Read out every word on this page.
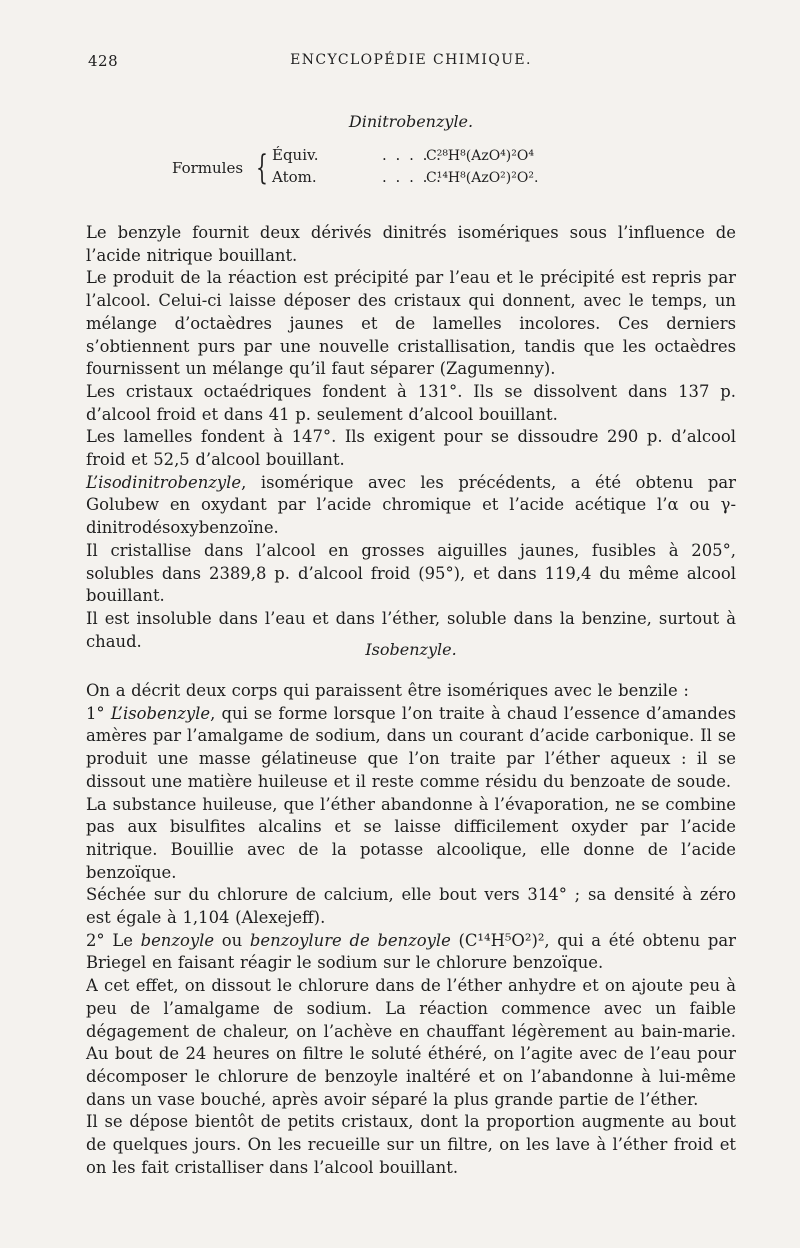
428	ENCYCLOPÉDIE CHIMIQUE.
Dinitrobenzyle.
Formules { Équiv.	. . . . .C²⁸H⁸(AzO⁴)²O⁴
Atom.	. . . . .C¹⁴H⁸(AzO²)²O².

Le benzyle fournit deux dérivés dinitrés isomériques sous l’influence de l’acide nitrique bouillant.

Le produit de la réaction est précipité par l’eau et le précipité est repris par l’alcool. Celui-ci laisse déposer des cristaux qui donnent, avec le temps, un mélange d’octaèdres jaunes et de lamelles incolores. Ces derniers s’obtiennent purs par une nouvelle cristallisation, tandis que les octaèdres fournissent un mélange qu’il faut séparer (Zagumenny).

Les cristaux octaédriques fondent à 131°. Ils se dissolvent dans 137 p. d’alcool froid et dans 41 p. seulement d’alcool bouillant.

Les lamelles fondent à 147°. Ils exigent pour se dissoudre 290 p. d’alcool froid et 52,5 d’alcool bouillant.

L’isodinitrobenzyle, isomérique avec les précédents, a été obtenu par Golubew en oxydant par l’acide chromique et l’acide acétique l’α ou γ-dinitrodésoxybenzoïne.

Il cristallise dans l’alcool en grosses aiguilles jaunes, fusibles à 205°, solubles dans 2389,8 p. d’alcool froid (95°), et dans 119,4 du même alcool bouillant.

Il est insoluble dans l’eau et dans l’éther, soluble dans la benzine, surtout à chaud.	Isobenzyle.

On a décrit deux corps qui paraissent être isomériques avec le benzile :

1° L’isobenzyle, qui se forme lorsque l’on traite à chaud l’essence d’amandes amères par l’amalgame de sodium, dans un courant d’acide carbonique. Il se produit une masse gélatineuse que l’on traite par l’éther aqueux : il se dissout une matière huileuse et il reste comme résidu du benzoate de soude.

La substance huileuse, que l’éther abandonne à l’évaporation, ne se combine pas aux bisulfites alcalins et se laisse difficilement oxyder par l’acide nitrique. Bouillie avec de la potasse alcoolique, elle donne de l’acide benzoïque.

Séchée sur du chlorure de calcium, elle bout vers 314° ; sa densité à zéro est égale à 1,104 (Alexejeff).

2° Le benzoyle ou benzoylure de benzoyle (C¹⁴H⁵O²)², qui a été obtenu par Briegel en faisant réagir le sodium sur le chlorure benzoïque.

A cet effet, on dissout le chlorure dans de l’éther anhydre et on ajoute peu à peu de l’amalgame de sodium. La réaction commence avec un faible dégagement de chaleur, on l’achève en chauffant légèrement au bain-marie. Au bout de 24 heures on filtre le soluté éthéré, on l’agite avec de l’eau pour décomposer le chlorure de benzoyle inaltéré et on l’abandonne à lui-même dans un vase bouché, après avoir séparé la plus grande partie de l’éther.

Il se dépose bientôt de petits cristaux, dont la proportion augmente au bout de quelques jours. On les recueille sur un filtre, on les lave à l’éther froid et on les fait cristalliser dans l’alcool bouillant.
